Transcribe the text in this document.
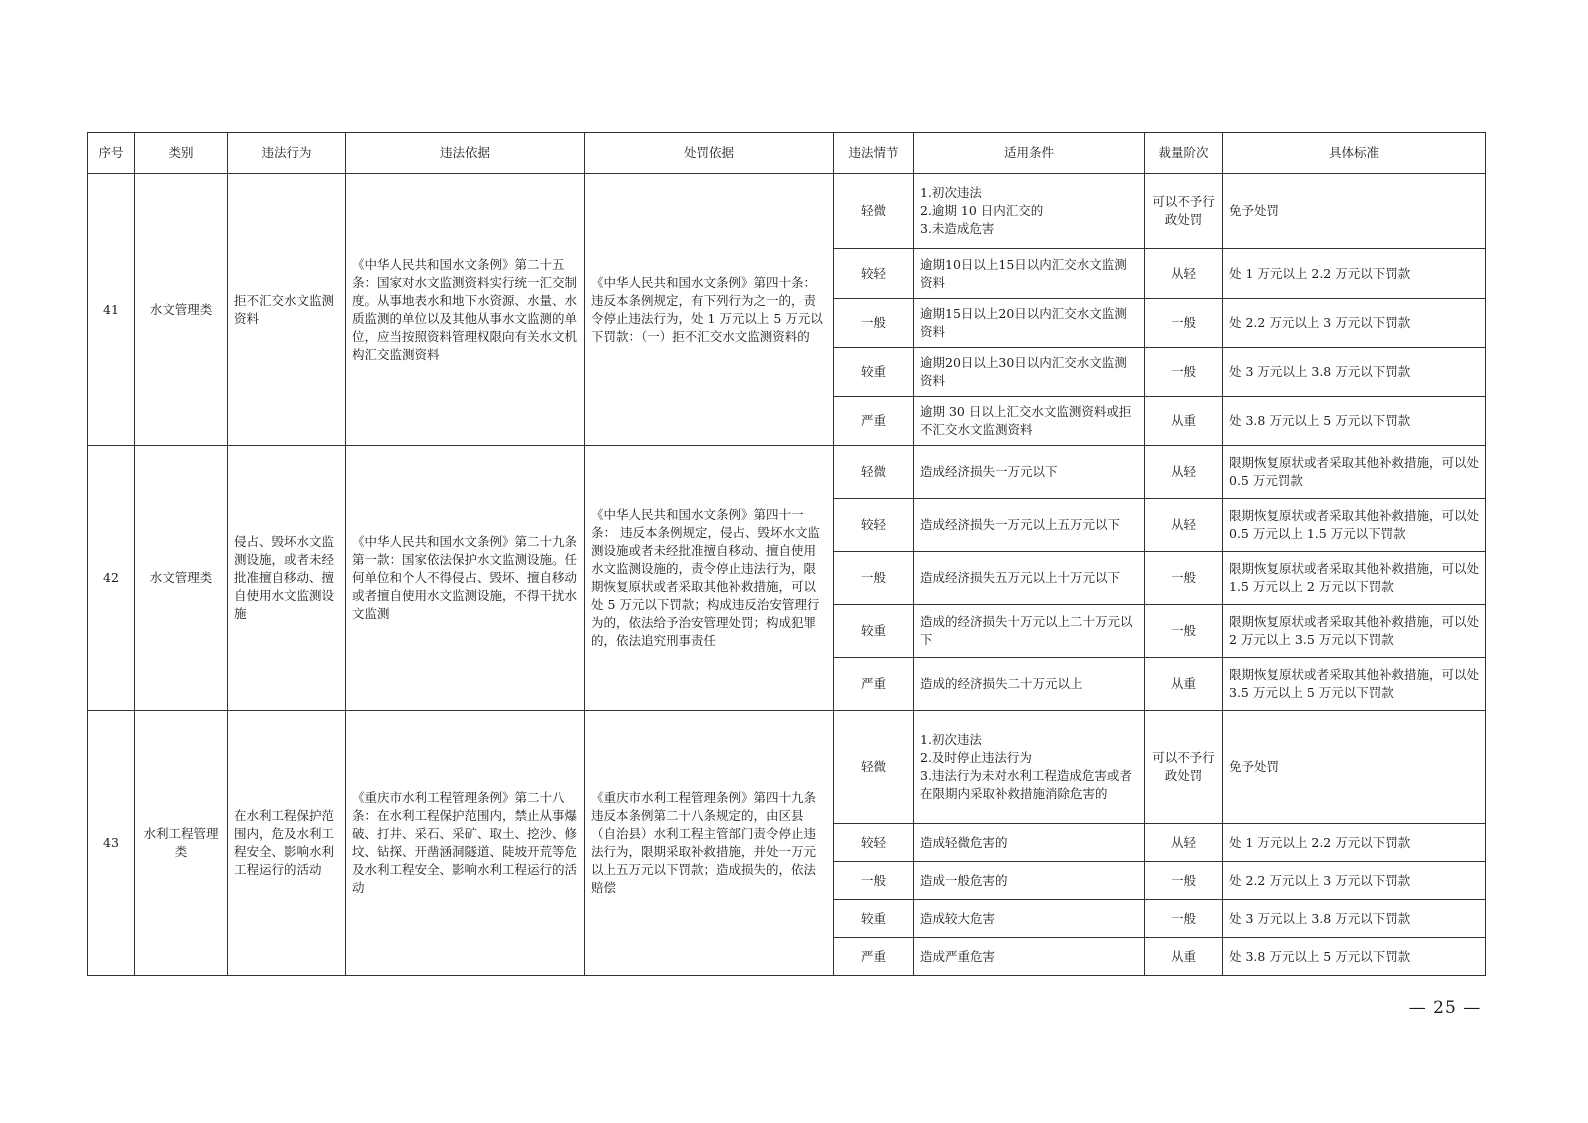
序号	类别	违法行为	违法依据	处罚依据	违法情节	适用条件	裁量阶次	具体标准
41	水文管理类	拒不汇交水文监测资料	《中华人民共和国水文条例》第二十五条：国家对水文监测资料实行统一汇交制度。从事地表水和地下水资源、水量、水质监测的单位以及其他从事水文监测的单位，应当按照资料管理权限向有关水文机构汇交监测资料	《中华人民共和国水文条例》第四十条：违反本条例规定，有下列行为之一的，责令停止违法行为，处 1 万元以上 5 万元以下罚款：（一）拒不汇交水文监测资料的	轻微	1.初次违法
2.逾期 10 日内汇交的
3.未造成危害	可以不予行政处罚	免予处罚
					较轻	逾期10日以上15日以内汇交水文监测资料	从轻	处 1 万元以上 2.2 万元以下罚款
					一般	逾期15日以上20日以内汇交水文监测资料	一般	处 2.2 万元以上 3 万元以下罚款
					较重	逾期20日以上30日以内汇交水文监测资料	一般	处 3 万元以上 3.8 万元以下罚款
					严重	逾期 30 日以上汇交水文监测资料或拒不汇交水文监测资料	从重	处 3.8 万元以上 5 万元以下罚款
42	水文管理类	侵占、毁坏水文监测设施，或者未经批准擅自移动、擅自使用水文监测设施	《中华人民共和国水文条例》第二十九条第一款：国家依法保护水文监测设施。任何单位和个人不得侵占、毁坏、擅自移动或者擅自使用水文监测设施，不得干扰水文监测	《中华人民共和国水文条例》第四十一条： 违反本条例规定，侵占、毁坏水文监测设施或者未经批准擅自移动、擅自使用水文监测设施的，责令停止违法行为，限期恢复原状或者采取其他补救措施，可以处 5 万元以下罚款；构成违反治安管理行为的，依法给予治安管理处罚；构成犯罪的，依法追究刑事责任	轻微	造成经济损失一万元以下	从轻	限期恢复原状或者采取其他补救措施，可以处 0.5 万元罚款
					较轻	造成经济损失一万元以上五万元以下	从轻	限期恢复原状或者采取其他补救措施，可以处 0.5 万元以上 1.5 万元以下罚款
					一般	造成经济损失五万元以上十万元以下	一般	限期恢复原状或者采取其他补救措施，可以处 1.5 万元以上 2 万元以下罚款
					较重	造成的经济损失十万元以上二十万元以下	一般	限期恢复原状或者采取其他补救措施，可以处 2 万元以上 3.5 万元以下罚款
					严重	造成的经济损失二十万元以上	从重	限期恢复原状或者采取其他补救措施，可以处 3.5 万元以上 5 万元以下罚款
43	水利工程管理类	在水利工程保护范围内，危及水利工程安全、影响水利工程运行的活动	《重庆市水利工程管理条例》第二十八条：在水利工程保护范围内，禁止从事爆破、打井、采石、采矿、取土、挖沙、修坟、钻探、开凿涵洞隧道、陡坡开荒等危及水利工程安全、影响水利工程运行的活动	《重庆市水利工程管理条例》第四十九条违反本条例第二十八条规定的，由区县（自治县）水利工程主管部门责令停止违法行为，限期采取补救措施，并处一万元以上五万元以下罚款；造成损失的，依法赔偿	轻微	1.初次违法
2.及时停止违法行为
3.违法行为未对水利工程造成危害或者在限期内采取补救措施消除危害的	可以不予行政处罚	免予处罚
					较轻	造成轻微危害的	从轻	处 1 万元以上 2.2 万元以下罚款
					一般	造成一般危害的	一般	处 2.2 万元以上 3 万元以下罚款
					较重	造成较大危害	一般	处 3 万元以上 3.8 万元以下罚款
					严重	造成严重危害	从重	处 3.8 万元以上 5 万元以下罚款
— 25 —
